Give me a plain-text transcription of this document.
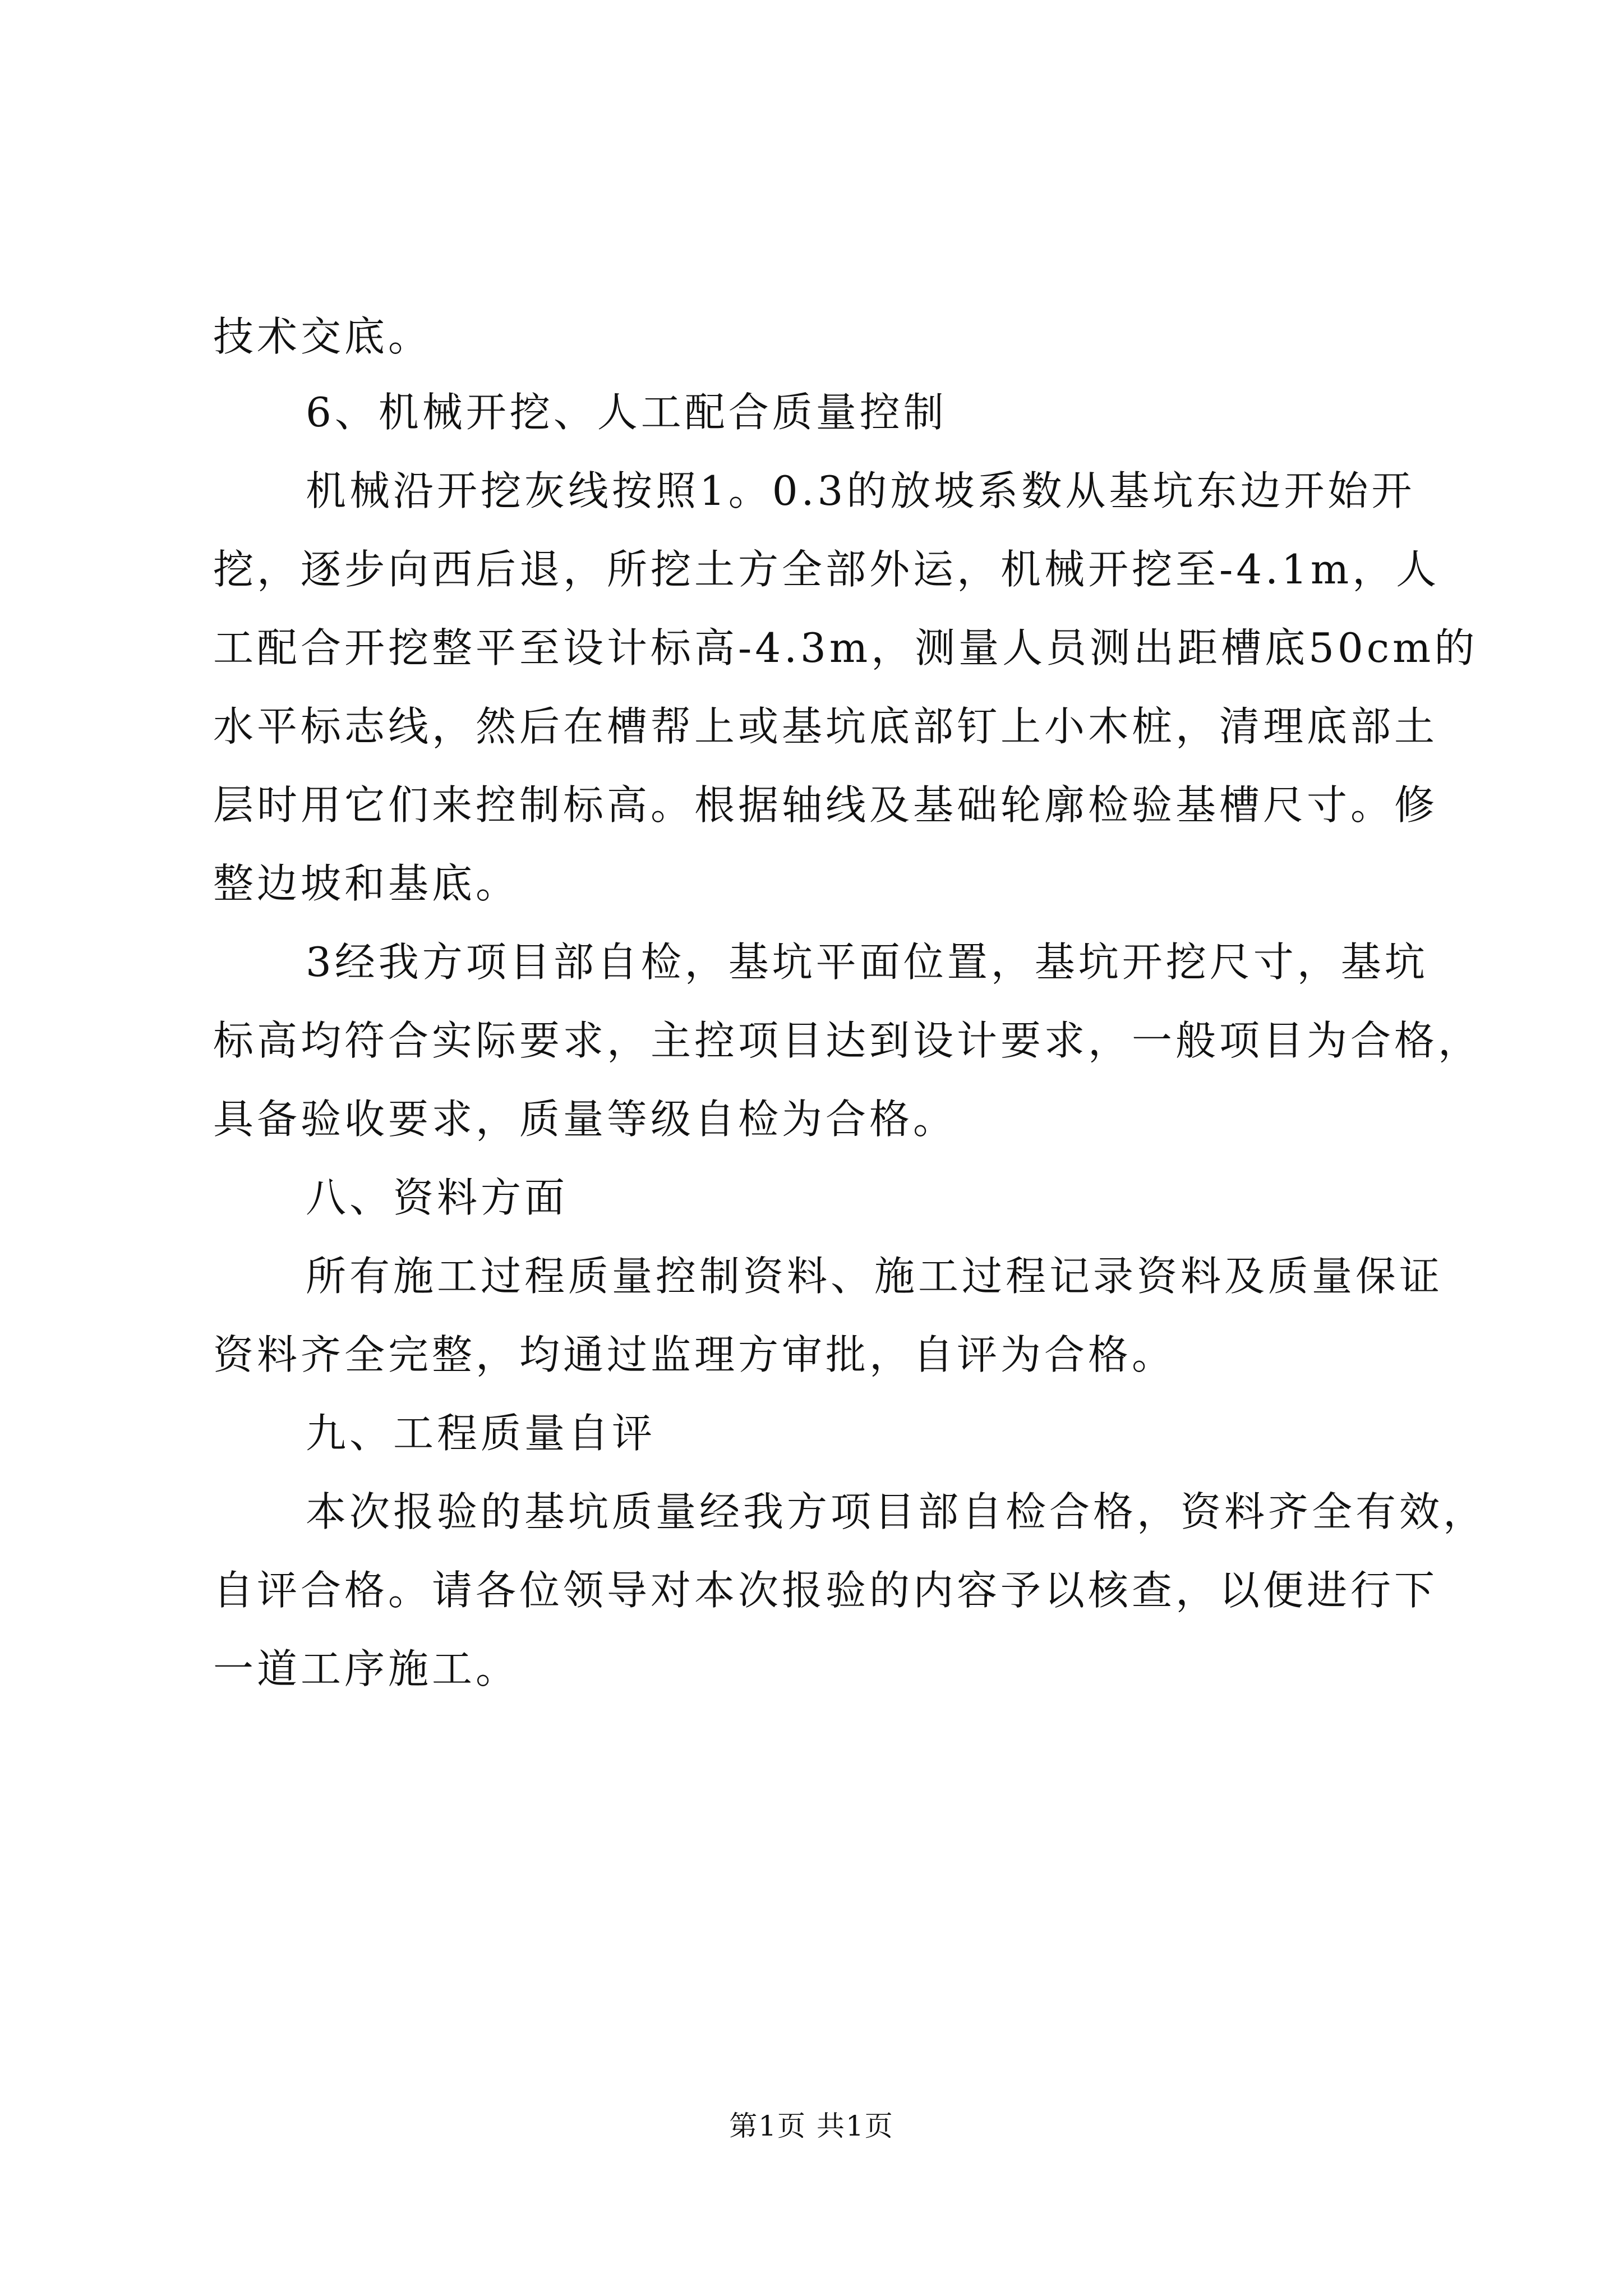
技术交底。
6、机械开挖、人工配合质量控制
机械沿开挖灰线按照1。0.3的放坡系数从基坑东边开始开
挖，逐步向西后退，所挖土方全部外运，机械开挖至-4.1m，人
工配合开挖整平至设计标高-4.3m，测量人员测出距槽底50cm的
水平标志线，然后在槽帮上或基坑底部钉上小木桩，清理底部土
层时用它们来控制标高。根据轴线及基础轮廓检验基槽尺寸。修
整边坡和基底。
3经我方项目部自检，基坑平面位置，基坑开挖尺寸，基坑
标高均符合实际要求，主控项目达到设计要求，一般项目为合格，
具备验收要求，质量等级自检为合格。
八、资料方面
所有施工过程质量控制资料、施工过程记录资料及质量保证
资料齐全完整，均通过监理方审批，自评为合格。
九、工程质量自评
本次报验的基坑质量经我方项目部自检合格，资料齐全有效，
自评合格。请各位领导对本次报验的内容予以核查，以便进行下
一道工序施工。
第1页 共1页
